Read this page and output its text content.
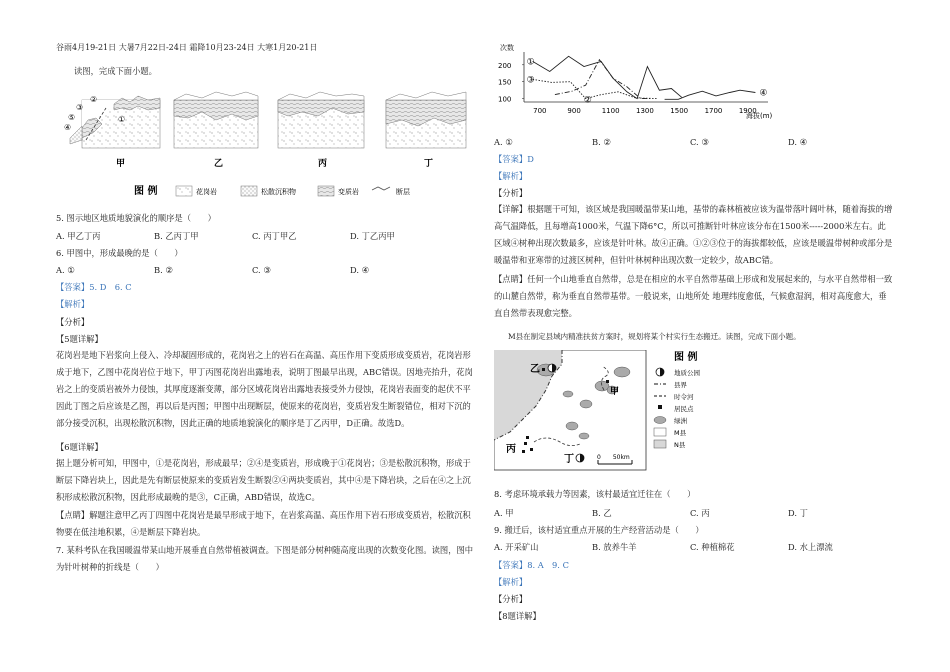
谷雨4月19-21日 大暑7月22日-24日 霜降10月23-24日 大寒1月20-21日
读图，完成下面小题。
③
②
①
④
⑤
甲	乙	丙	丁
图 例	花岗岩	松散沉积物	变质岩	断层
5. 图示地区地质地貌演化的顺序是（　　）
A. 甲乙丁丙	B. 乙丙丁甲	C. 丙丁甲乙	D. 丁乙丙甲
6. 甲图中，形成最晚的是（　　）
A. ①	B. ②	C. ③	D. ④
【答案】5. D　6. C
【解析】
【分析】
【5题详解】
花岗岩是地下岩浆向上侵入、冷却凝固形成的，花岗岩之上的岩石在高温、高压作用下变质形成变质岩，花岗岩形成于地下，乙图中花岗岩位于地下，甲丁丙图花岗岩出露地表，说明丁图最早出现，ABC错误。因地壳抬升，花岗岩之上的变质岩被外力侵蚀，其厚度逐渐变薄，部分区域花岗岩出露地表接受外力侵蚀，花岗岩表面变的起伏不平因此丁图之后应该是乙图，再以后是丙图；甲图中出现断层，使原来的花岗岩，变质岩发生断裂错位，相对下沉的部分接受沉积，出现松散沉积物，因此正确的地质地貌演化的顺序是丁乙丙甲，D正确。故选D。
【6题详解】
据上题分析可知，甲图中，①是花岗岩，形成最早；②④是变质岩，形成晚于①花岗岩；③是松散沉积物，形成于断层下降岩块上，因此是先有断层使原来的变质岩发生断裂②④两块变质岩，其中④是下降岩块，之后在④之上沉积形成松散沉积物，因此形成最晚的是③，C正确，ABD错误，故选C。
【点睛】解题注意甲乙丙丁四图中花岗岩是最早形成于地下，在岩浆高温、高压作用下岩石形成变质岩，松散沉积物要在低洼地积累，④是断层下降岩块。
7. 某科考队在我国暖温带某山地开展垂直自然带植被调查。下图是部分树种随高度出现的次数变化图。读图，图中为针叶树种的折线是（　　）
次数
海拔(m)
200
150
100
700	900	1100 1300 1500 1700 1900
①
②
③
④
A. ①	B. ②	C. ③	D. ④
【答案】D
【解析】
【分析】
【详解】根据题干可知，该区域是我国暖温带某山地，基带的森林植被应该为温带落叶阔叶林，随着海拔的增高气温降低，且每增高1000米，气温下降6°C，所以可推断针叶林应该分布在1500米-----2000米左右。此区域④树种出现次数最多，应该是针叶林。故④正确。①②③位于的海拔都较低，应该是暖温带树种或部分是暖温带和亚寒带的过渡区树种，但针叶林树种出现次数一定较少，故ABC错。
【点睛】任何一个山地垂直自然带，总是在相应的水平自然带基础上形成和发展起来的，与水平自然带相一致的山麓自然带，称为垂直自然带基带。一般说来，山地所处 地理纬度愈低，气候愈湿润，相对高度愈大，垂直自然带表现愈完整。
M县在制定县域内精准扶贫方案时，规划将某个村实行生态搬迁。读图，完成下面小题。
乙
甲
丙
丁	0　　50km
图 例
地质公园
县界
时令河
居民点
绿洲
M县
N县
8. 考虑环境承载力等因素，该村最适宜迁往在（　　）
A. 甲	B. 乙	C. 丙	D. 丁
9. 搬迁后，该村适宜重点开展的生产经营活动是（　　）
A. 开采矿山	B. 放养牛羊	C. 种植棉花	D. 水上漂流
【答案】8. A　9. C
【解析】
【分析】
【8题详解】
